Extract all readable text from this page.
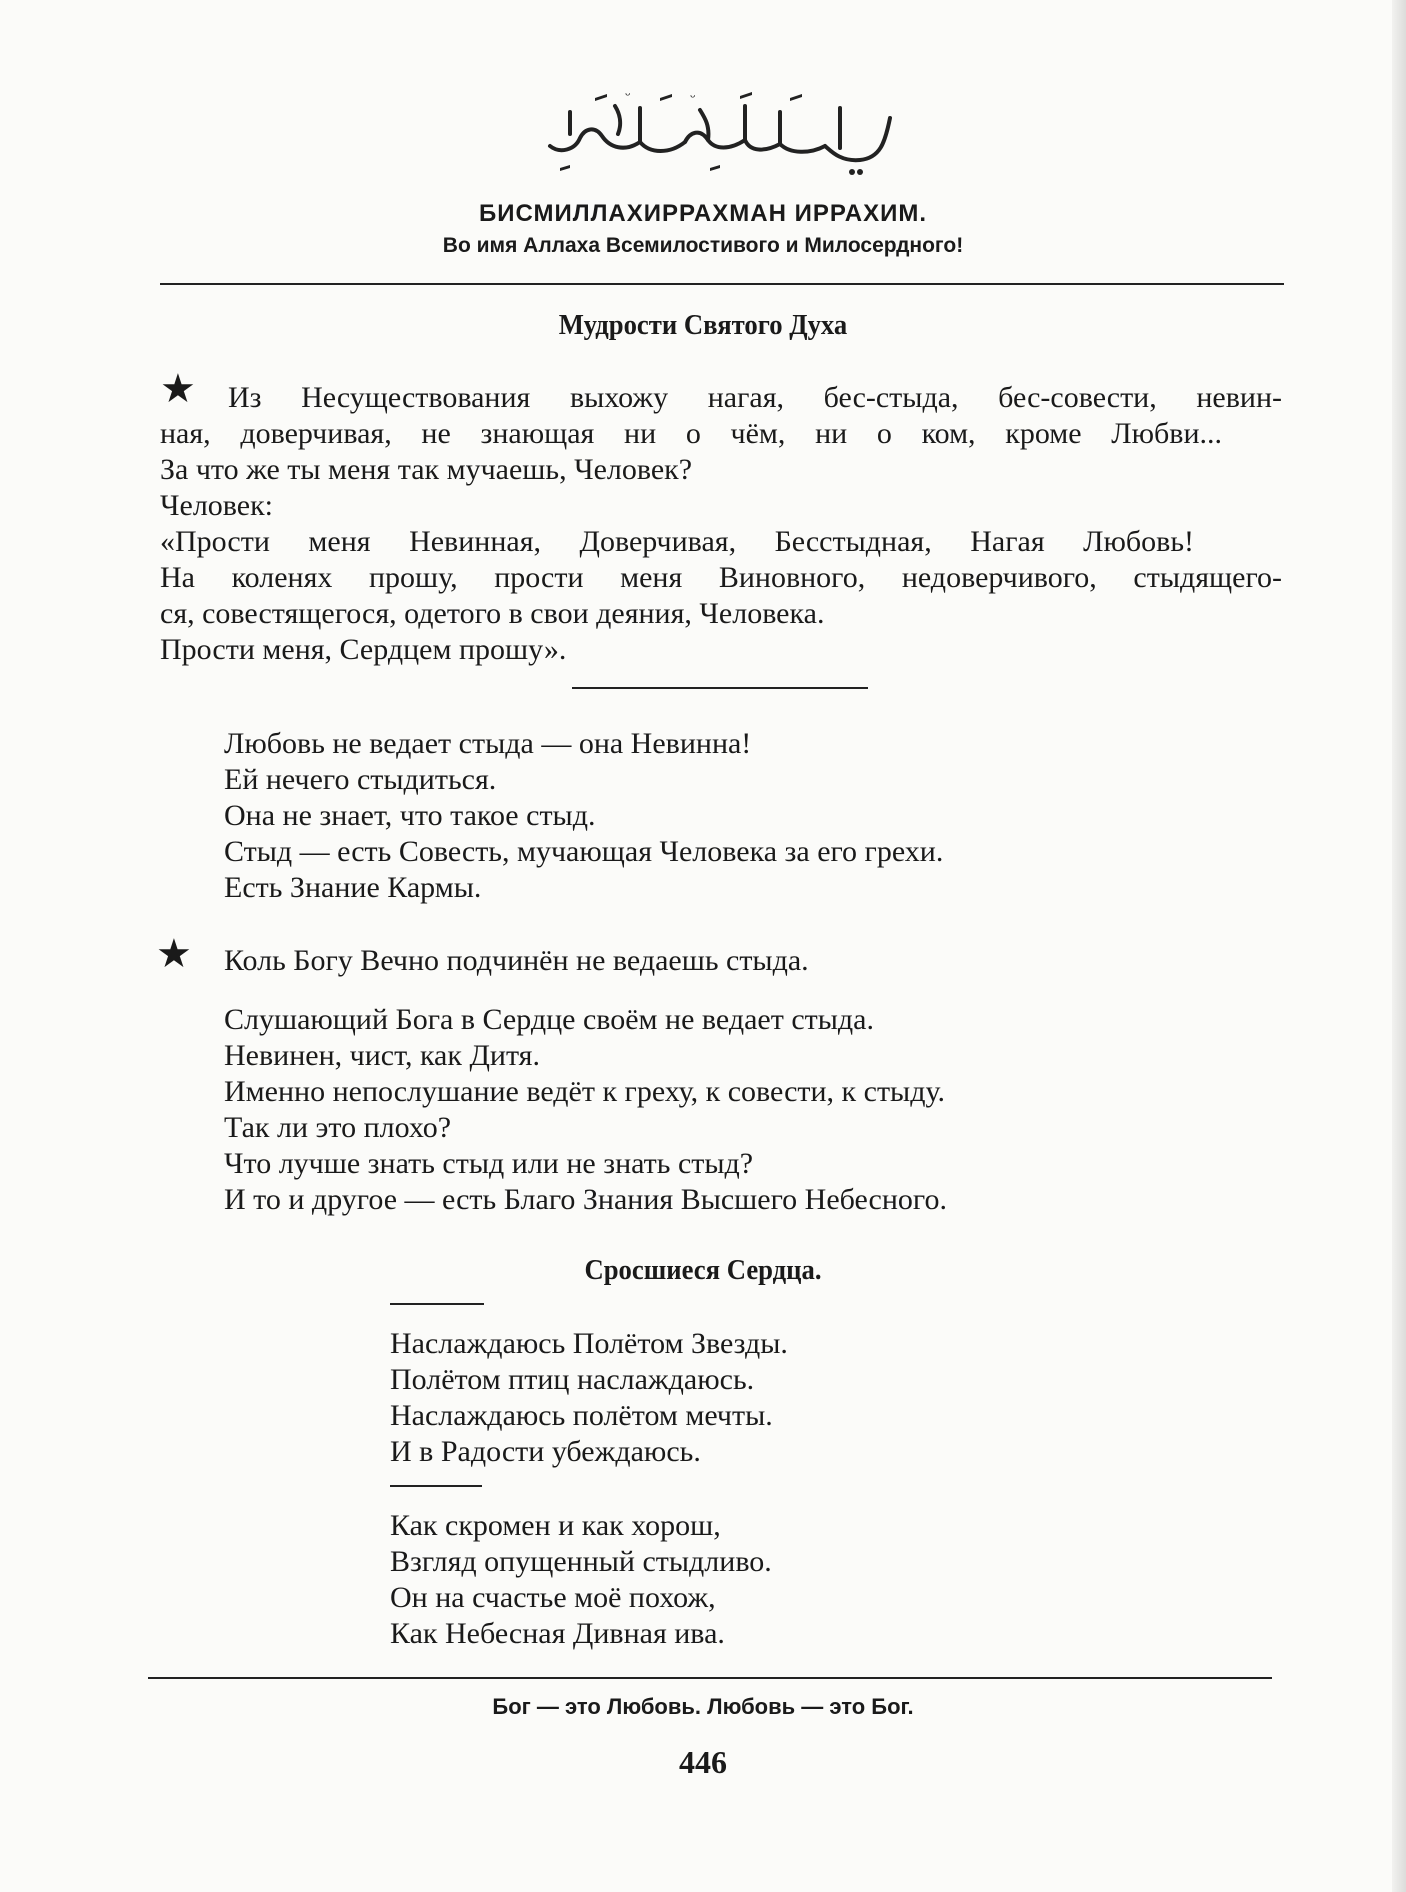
ᵕ
ᵕ
БИСМИЛЛАХИРРАХМАН ИРРАХИМ.
Во имя Аллаха Всемилостивого и Милосердного!
Мудрости Святого Духа
★ Из Несуществования выхожу нагая, бес-стыда, бес-совести, невин-
ная, доверчивая, не знающая ни о чём, ни о ком, кроме Любви...
За что же ты меня так мучаешь, Человек?
Человек:
«Прости меня Невинная, Доверчивая, Бесстыдная, Нагая Любовь!
На коленях прошу, прости меня Виновного, недоверчивого, стыдящего-
ся, совестящегося, одетого в свои деяния, Человека.
Прости меня, Сердцем прошу».
Любовь не ведает стыда — она Невинна!
Ей нечего стыдиться.
Она не знает, что такое стыд.
Стыд — есть Совесть, мучающая Человека за его грехи.
Есть Знание Кармы.
★ Коль Богу Вечно подчинён не ведаешь стыда.
Слушающий Бога в Сердце своём не ведает стыда.
Невинен, чист, как Дитя.
Именно непослушание ведёт к греху, к совести, к стыду.
Так ли это плохо?
Что лучше знать стыд или не знать стыд?
И то и другое — есть Благо Знания Высшего Небесного.
Сросшиеся Сердца.
Наслаждаюсь Полётом Звезды.
Полётом птиц наслаждаюсь.
Наслаждаюсь полётом мечты.
И в Радости убеждаюсь.
Как скромен и как хорош,
Взгляд опущенный стыдливо.
Он на счастье моё похож,
Как Небесная Дивная ива.
Бог — это Любовь. Любовь — это Бог.
446
